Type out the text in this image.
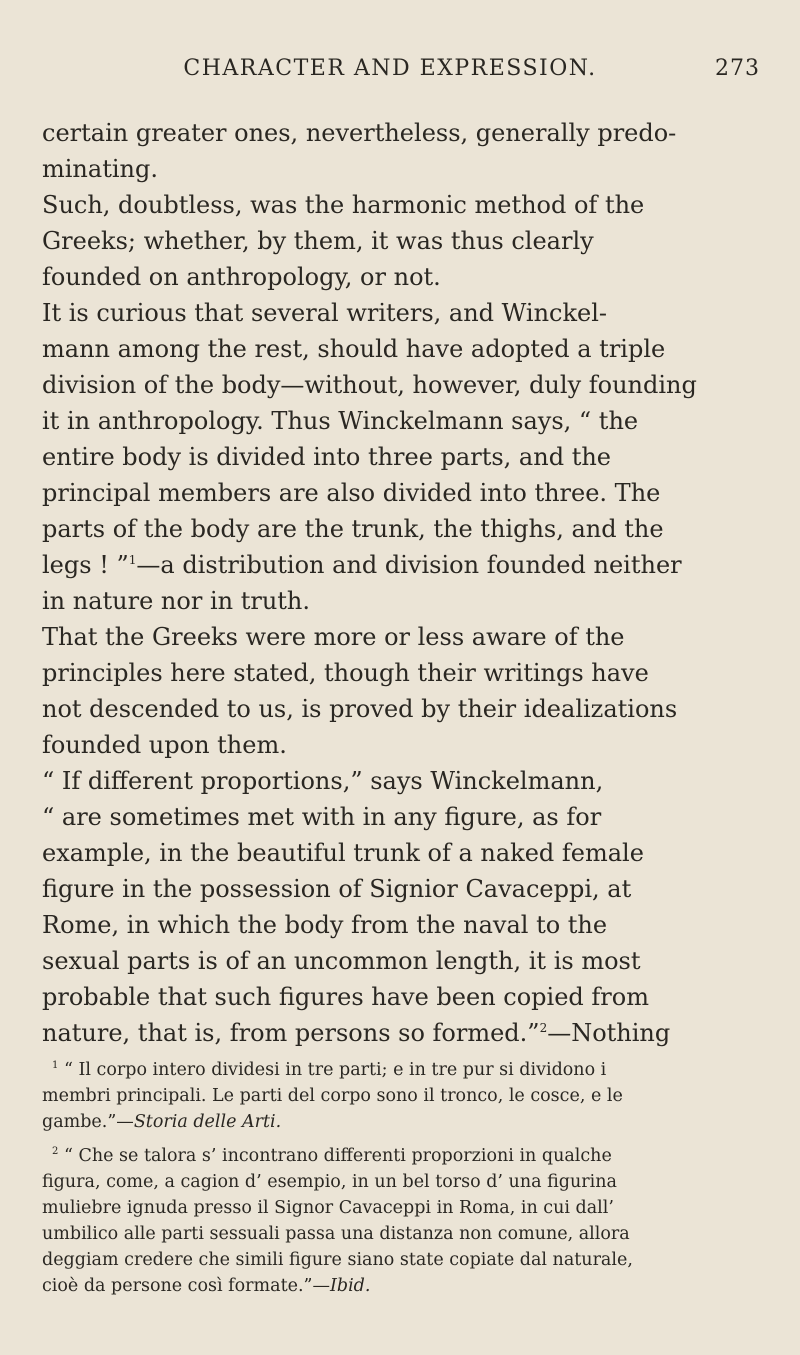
CHARACTER AND EXPRESSION.	273
certain greater ones, nevertheless, generally predo-
minating.
Such, doubtless, was the harmonic method of the
Greeks; whether, by them, it was thus clearly
founded on anthropology, or not.
It is curious that several writers, and Winckel-
mann among the rest, should have adopted a triple
division of the body—without, however, duly founding
it in anthropology. Thus Winckelmann says, “ the
entire body is divided into three parts, and the
principal members are also divided into three. The
parts of the body are the trunk, the thighs, and the
legs ! ”$^1$—a distribution and division founded neither
in nature nor in truth.
That the Greeks were more or less aware of the
principles here stated, though their writings have
not descended to us, is proved by their idealizations
founded upon them.
“ If different proportions,” says Winckelmann,
“ are sometimes met with in any figure, as for
example, in the beautiful trunk of a naked female
figure in the possession of Signior Cavaceppi, at
Rome, in which the body from the naval to the
sexual parts is of an uncommon length, it is most
probable that such figures have been copied from
nature, that is, from persons so formed.”$^2$—Nothing
$^1$ “ Il corpo intero dividesi in tre parti; e in tre pur si dividono i
membri principali. Le parti del corpo sono il tronco, le cosce, e le
gambe.”—Storia delle Arti.
$^2$ “ Che se talora s’ incontrano differenti proporzioni in qualche
figura, come, a cagion d’ esempio, in un bel torso d’ una figurina
muliebre ignuda presso il Signor Cavaceppi in Roma, in cui dall’
umbilico alle parti sessuali passa una distanza non comune, allora
deggiam credere che simili figure siano state copiate dal naturale,
cioè da persone così formate.”—Ibid.
